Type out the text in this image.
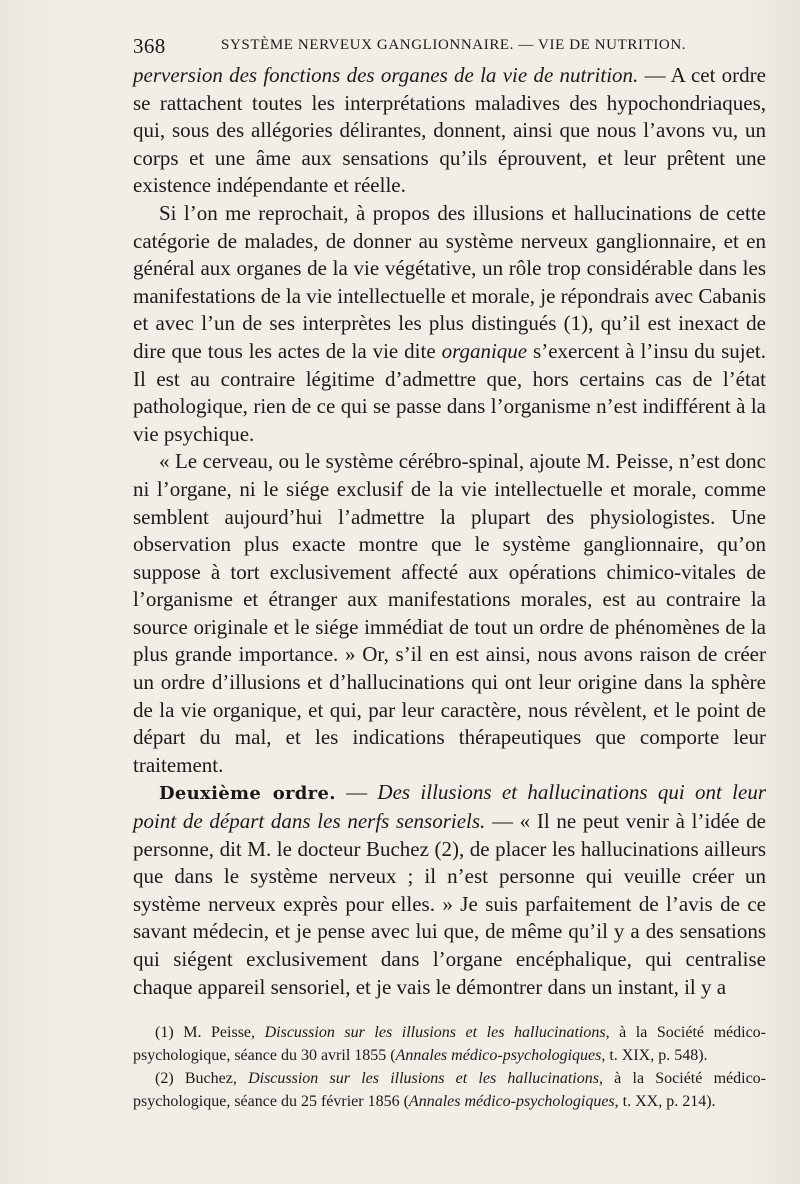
368	SYSTÈME NERVEUX GANGLIONNAIRE. — VIE DE NUTRITION.

perversion des fonctions des organes de la vie de nutrition. — A cet ordre se rattachent toutes les interprétations maladives des hypochondriaques, qui, sous des allégories délirantes, donnent, ainsi que nous l’avons vu, un corps et une âme aux sensations qu’ils éprouvent, et leur prêtent une existence indépendante et réelle.

Si l’on me reprochait, à propos des illusions et hallucinations de cette catégorie de malades, de donner au système nerveux ganglionnaire, et en général aux organes de la vie végétative, un rôle trop considérable dans les manifestations de la vie intellectuelle et morale, je répondrais avec Cabanis et avec l’un de ses interprètes les plus distingués (1), qu’il est inexact de dire que tous les actes de la vie dite organique s’exercent à l’insu du sujet. Il est au contraire légitime d’admettre que, hors certains cas de l’état pathologique, rien de ce qui se passe dans l’organisme n’est indifférent à la vie psychique.

« Le cerveau, ou le système cérébro-spinal, ajoute M. Peisse, n’est donc ni l’organe, ni le siége exclusif de la vie intellectuelle et morale, comme semblent aujourd’hui l’admettre la plupart des physiologistes. Une observation plus exacte montre que le système ganglionnaire, qu’on suppose à tort exclusivement affecté aux opérations chimico-vitales de l’organisme et étranger aux manifestations morales, est au contraire la source originale et le siége immédiat de tout un ordre de phénomènes de la plus grande importance. » Or, s’il en est ainsi, nous avons raison de créer un ordre d’illusions et d’hallucinations qui ont leur origine dans la sphère de la vie organique, et qui, par leur caractère, nous révèlent, et le point de départ du mal, et les indications thérapeutiques que comporte leur traitement.

Deuxième ordre. — Des illusions et hallucinations qui ont leur point de départ dans les nerfs sensoriels. — « Il ne peut venir à l’idée de personne, dit M. le docteur Buchez (2), de placer les hallucinations ailleurs que dans le système nerveux ; il n’est personne qui veuille créer un système nerveux exprès pour elles. » Je suis parfaitement de l’avis de ce savant médecin, et je pense avec lui que, de même qu’il y a des sensations qui siégent exclusivement dans l’organe encéphalique, qui centralise chaque appareil sensoriel, et je vais le démontrer dans un instant, il y a

(1) M. Peisse, Discussion sur les illusions et les hallucinations, à la Société médico-psychologique, séance du 30 avril 1855 (Annales médico-psychologiques, t. XIX, p. 548).

(2) Buchez, Discussion sur les illusions et les hallucinations, à la Société médico-psychologique, séance du 25 février 1856 (Annales médico-psychologiques, t. XX, p. 214).
